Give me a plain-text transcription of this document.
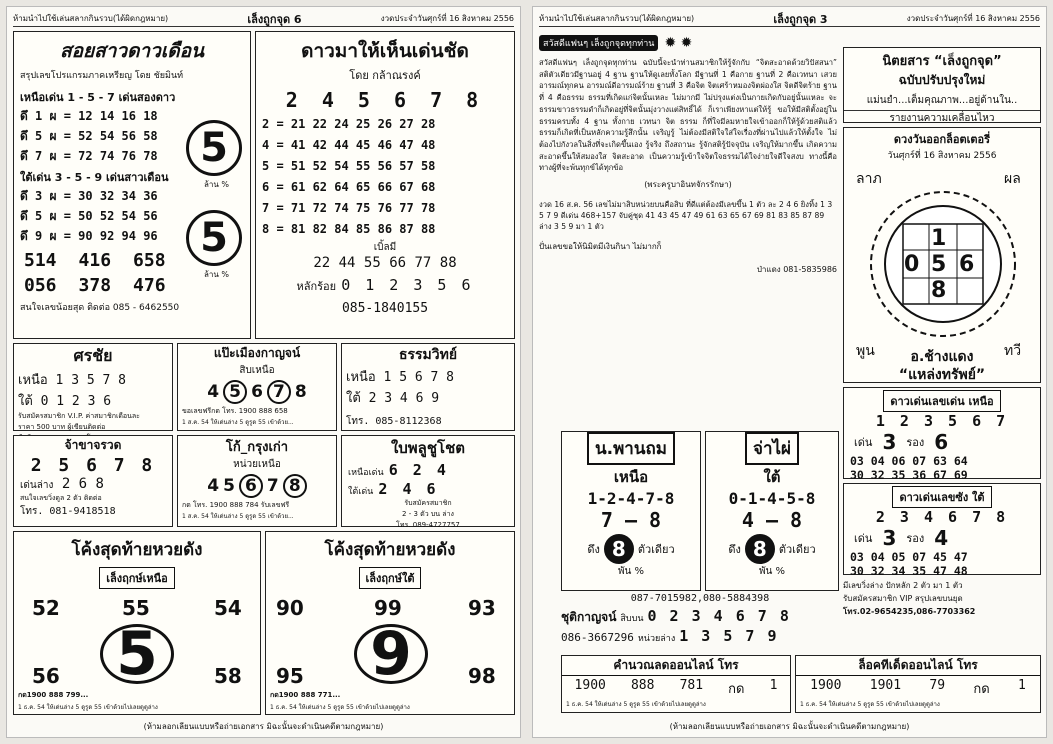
ห้ามนำไปใช้เล่นสลากกินรวบ(ได้ผิดกฎหมาย)	เล็งถูกจุด 6	งวดประจำวันศุกร์ที่ 16 สิงหาคม 2556
สอยสาวดาวเดือน
สรุปเลขโปรแกรมภาคเหรียญ โดย ชัยมินท์
เหนือเด่น 1 - 5 - 7 เด่นสองดาว
ดึ 1 ผ = 12 14 16 18
ดึ 5 ผ = 52 54 56 58
ดึ 7 ผ = 72 74 76 78	5
ล้าน %
ใต้เด่น 3 - 5 - 9 เด่นสาวเดือน
ดึ 3 ผ = 30 32 34 36
ดึ 5 ผ = 50 52 54 56
ดึ 9 ผ = 90 92 94 96	5
ล้าน %
514 416 658
056 378 476
สนใจเลขน้อยสุด ติดต่อ 085 - 6462550
ดาวมาให้เห็นเด่นชัด
โดย กล้าณรงค์
2 4 5 6 7 8
2 = 21 22 24 25 26 27 28
4 = 41 42 44 45 46 47 48
5 = 51 52 54 55 56 57 58
6 = 61 62 64 65 66 67 68
7 = 71 72 74 75 76 77 78
8 = 81 82 84 85 86 87 88
เบิ้ลมี
22 44 55 66 77 88
หลักร้อย 0 1 2 3 5 6
085-1840155
ศรชัย
เหนือ 1 3 5 7 8
ใต้ 0 1 2 3 6
รับสมัครสมาชิก V.I.P. ค่าสมาชิกเดือนละ
ราคา 500 บาท ผู้เขียนติดต่อ
แป๊ะเมืองกาญจน์
สิบเหนือ
4 5 6 7 8
ขอเลขฟรีกด โทร. 1900 888 658
1 ส.ค. 54 ให้เด่นล่าง 5 ดูรูด 55 เข้าด้วย...
ธรรมวิทย์
เหนือ 1 5 6 7 8
ใต้ 2 3 4 6 9
โทร. 085-8112368
จ้าขาจรวด
2 5 6 7 8
เด่นล่าง 2 6 8
สนใจเลขวิ่งดูล 2 ตัว ติดต่อ
โทร. 081-9418518
โก้_กรุงเก่า
หน่วยเหนือ
4 5 6 7 8
กด โทร. 1900 888 784 รับเลขฟรี
1 ส.ค. 54 ให้เด่นล่าง 5 ดูรูด 55 เข้าด้วย...
ใบพลูชูโชต
เหนือเด่น 6 2 4
ใต้เด่น 2 4 6
รับสมัครสมาชิก
2 - 3 ตัว บน ล่าง
โทร. 089-4727757
โค้งสุดท้ายหวยดัง
เล็งฤกษ์เหนือ
52	55	54
5
56	58
กด1900 888 799...
1 ธ.ค. 54 ให้เด่นล่าง 5 ดูรูด 55 เข้าด้วยไปเลยดูดูล่าง
โค้งสุดท้ายหวยดัง
เล็งฤกษ์ใต้
90	99	93
9
95	98
กด1900 888 771...
1 ธ.ค. 54 ให้เด่นล่าง 5 ดูรูด 55 เข้าด้วยไปเลยดูดูล่าง
(ห้ามลอกเลียนแบบหรือถ่ายเอกสาร มิฉะนั้นจะดำเนินคดีตามกฎหมาย)
ห้ามนำไปใช้เล่นสลากกินรวบ(ได้ผิดกฎหมาย)	เล็งถูกจุด 3	งวดประจำวันศุกร์ที่ 16 สิงหาคม 2556
สวัสดีแฟนๆ เล็งถูกจุดทุกท่าน ✹ ✹
สวัสดีแฟนๆ เล็งถูกจุดทุกท่าน ฉบับนี้จะนำท่านสมาชิกให้รู้จักกับ “จิตสะอาดด้วยวิปัสสนา” สติตัวเดียวมีฐานอยู่ 4 ฐาน ฐานให้ดูเลยทั้งโลก มีฐานที่ 1 คือกาย ฐานที่ 2 คือเวทนา เสวยอารมณ์ทุกคน อารมณ์ดีอารมณ์ร้าย ฐานที่ 3 คือจิต จิตเศร้าหมองจิตผ่องใส จิตดีจิตร้าย ฐานที่ 4 คือธรรม ธรรมที่เกิดแก่จิตนั้นเหละ ไม่มากมี ไม่ปรุงแต่งเป็นกายเกิดกับอยู่นั้นแหละ จะธรรมขาวธรรมดำก็เกิดอยู่ที่จิตนั้นมุ่งวางแต่สิทธิ์ได้ ก็เราเพียงหาแต่ให้รู้ ขอให้มีสติตั้งอยู่ในธรรมครบทั้ง 4 ฐาน ทั้งกาย เวทนา จิต ธรรม ก็ที่ใจมีลมหายใจเข้าออกก็ให้รู้ด้วยสติแล้ว ธรรมก็เกิดที่เป็นหลักความรู้สึกนั้น เจริญรู้ ไม่ต้องมีสติใจใส่ใจเรื่องที่ผ่านไปแล้วให้ตั้งใจ ไม่ต้องไปกังวลในสิ่งที่จะเกิดขึ้นเอง รู้จริง ถึงสถานะ รู้จักสติรู้ปัจจุบัน เจริญให้มากขึ้น เกิดความสะอาดขึ้นให้สมองใส จิตสะอาด เป็นความรู้เข้าใจจิตใจธรรมได้ใจง่ายใจดีใจสงบ ทางนี้คือทางผู้ที่จะพ้นทุกข์ได้ทุกข้อ
(พระครูบาอินทจักรรักษา)
งวด 16 ส.ค. 56 เลขไม่มาสิบหน่วยบนคือสิบ ที่ดีแต่ต้องมีเลขขึ้น 1 ตัว ละ 2 4 6 ยิงทิ้ง 1 3 5 7 9 ดีเด่น 468+157 จับคู่ชุด 41 43 45 47 49 61 63 65 67 69 81 83 85 87 89 ล่าง 3 5 9 มา 1 ตัว
ปั่นเลขขอให้นิมิตมีเงินกินา ไม่มากก็
ป่าแดง 081-5835986
นิตยสาร “เล็งถูกจุด”
ฉบับปรับปรุงใหม่
แม่นยำ...เต็มคุณภาพ...อยู่ด้านใน..
รายงานความเคลื่อนไหว
ดวงวันออกล็อตเตอรี่
วันศุกร์ที่ 16 สิงหาคม 2556
ลาภ	ผล
1
0 5 6
8
พูน	ทวี
อ.ช้างแดง
“แหล่งทรัพย์”
ดาวเด่นเลขเด่น เหนือ
1 2 3 5 6 7
เด่น 3 รอง 6
03 04 06 07 63 64
30 32 35 36 67 69
ดาวเด่นเลขซัง ใต้
2 3 4 6 7 8
เด่น 3 รอง 4
03 04 05 07 45 47
30 32 34 35 47 48
มีเลขวิ่งล่าง ปักหลัก 2 ตัว มา 1 ตัว
รับสมัครสมาชิก VIP สรุปเลขบนยุด
โทร.02-9654235,086-7703362
น.พานถม
เหนือ
1-2-4-7-8
7 – 8
ดึง 8	ตัวเดียว
พัน %
จ่าไผ่
ใต้
0-1-4-5-8
4 – 8
ดึง 8	ตัวเดียว
พัน %
087-7015982,080-5884398
ชุติกาญจน์ สิบบน 0 2 3 4 6 7 8
086-3667296 หน่วยล่าง 1 3 5 7 9
คำนวณลดออนไลน์ โทร
1900 888 781 กด 1
1 ธ.ค. 54 ให้เด่นล่าง 5 ดูรูด 55 เข้าด้วยไปเลยดูดูล่าง
ล็อคทีเด็ดออนไลน์ โทร
1900 1901 79 กด 1
1 ธ.ค. 54 ให้เด่นล่าง 5 ดูรูด 55 เข้าด้วยไปเลยดูดูล่าง
(ห้ามลอกเลียนแบบหรือถ่ายเอกสาร มิฉะนั้นจะดำเนินคดีตามกฎหมาย)
